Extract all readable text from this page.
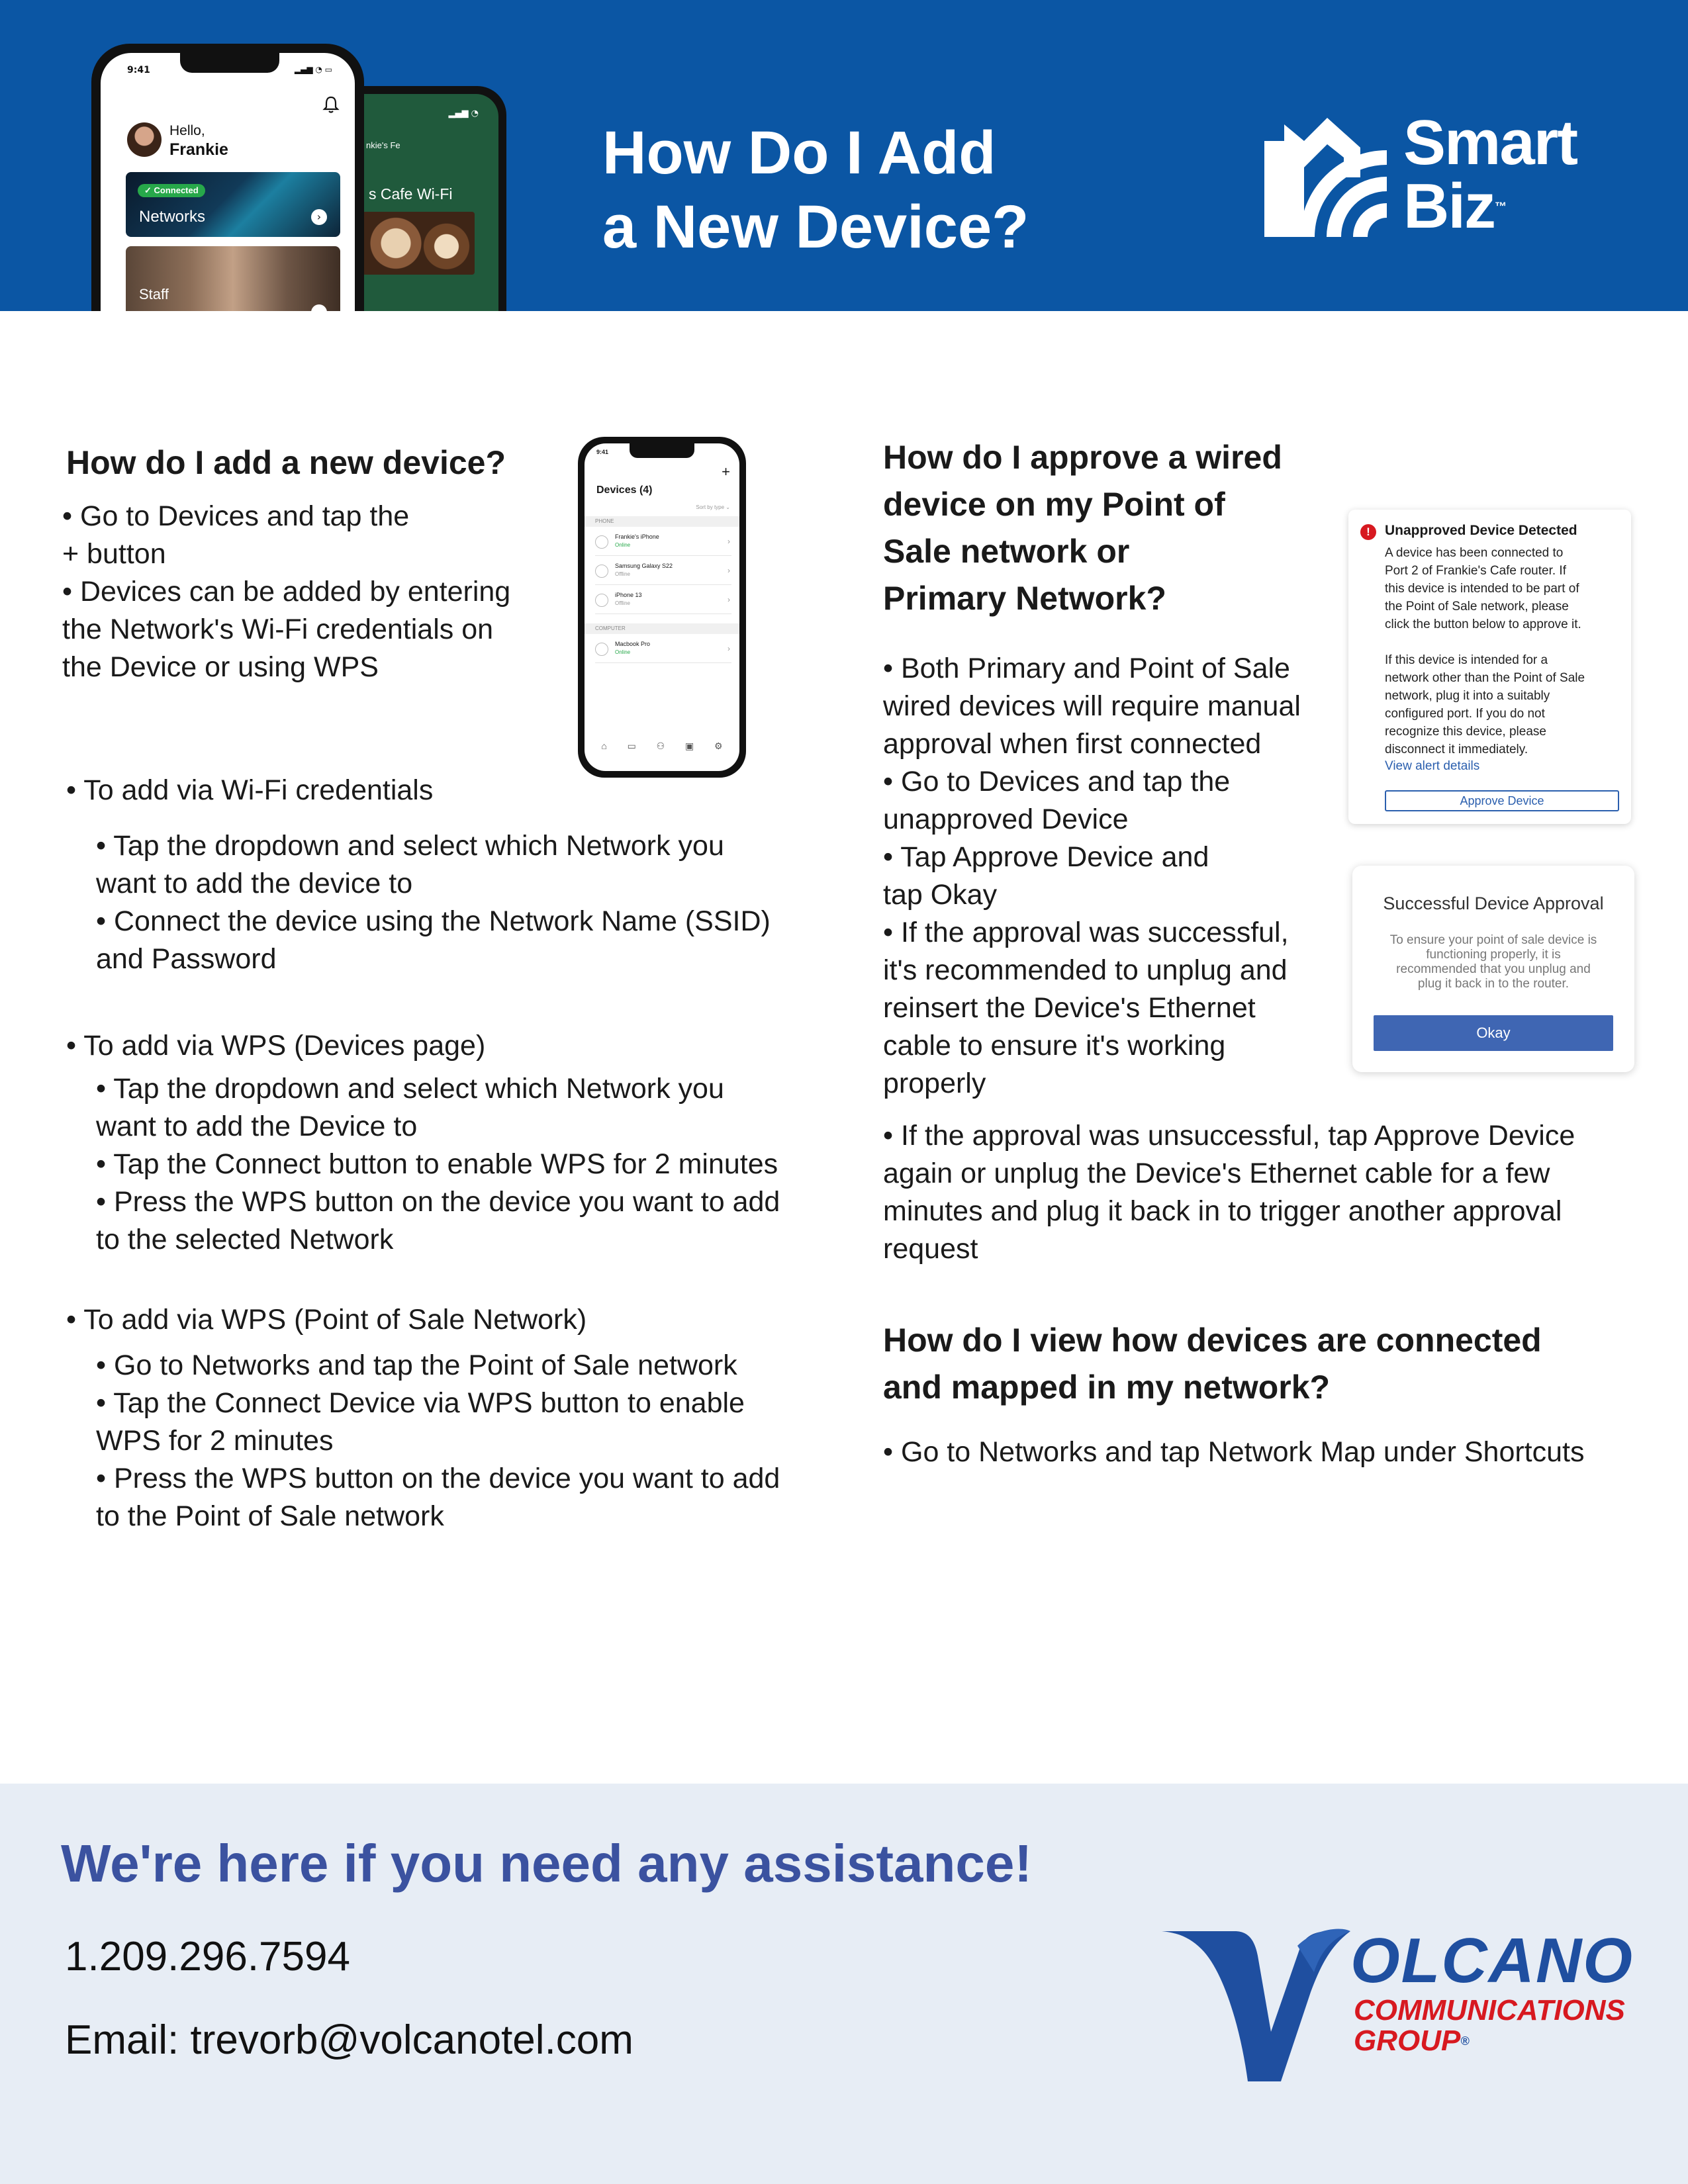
▂▄▆ ◔
nkie's Fe
s Cafe Wi-Fi
9:41	▂▄▆ ◔ ▭
Hello,
Frankie
✓ Connected
Networks	›
Staff
How Do I Add
a New Device?
Smart
Biz™
How do I add a new device?
• Go to Devices and tap the
+ button
• Devices can be added by entering
the Network's Wi-Fi credentials on
the Device or using WPS
9:41
+
Devices (4)
Sort by type ⌄
PHONE
Frankie's iPhone
Online	›
Samsung Galaxy S22
Offline	›
iPhone 13
Offline	›
COMPUTER
Macbook Pro
Online	›
⌂ ▭ ⚇ ▣ ⚙
• To add via Wi-Fi credentials
• Tap the dropdown and select which Network you
want to add the device to
• Connect the device using the Network Name (SSID)
and Password
• To add via WPS (Devices page)
• Tap the dropdown and select which Network you
want to add the Device to
• Tap the Connect button to enable WPS for 2 minutes
• Press the WPS button on the device you want to add
to the selected Network
• To add via WPS (Point of Sale Network)
• Go to Networks and tap the Point of Sale network
• Tap the Connect Device via WPS button to enable
WPS for 2 minutes
• Press the WPS button on the device you want to add
to the Point of Sale network
How do I approve a wired
device on my Point of
Sale network or
Primary Network?
• Both Primary and Point of Sale
wired devices will require manual
approval when first connected
• Go to Devices and tap the
unapproved Device
• Tap Approve Device and
tap Okay
• If the approval was successful,
it's recommended to unplug and
reinsert the Device's Ethernet
cable to ensure it's working
properly
!	Unapproved Device Detected
A device has been connected to
Port 2 of Frankie's Cafe router. If
this device is intended to be part of
the Point of Sale network, please
click the button below to approve it.
If this device is intended for a
network other than the Point of Sale
network, plug it into a suitably
configured port. If you do not
recognize this device, please
disconnect it immediately.
View alert details
Approve Device
Successful Device Approval
To ensure your point of sale device is
functioning properly, it is
recommended that you unplug and
plug it back in to the router.
Okay
• If the approval was unsuccessful, tap Approve Device
again or unplug the Device's Ethernet cable for a few
minutes and plug it back in to trigger another approval
request
How do I view how devices are connected
and mapped in my network?
• Go to Networks and tap Network Map under Shortcuts
We're here if you need any assistance!
1.209.296.7594
Email: trevorb@volcanotel.com
OLCANO
COMMUNICATIONS
GROUP®
